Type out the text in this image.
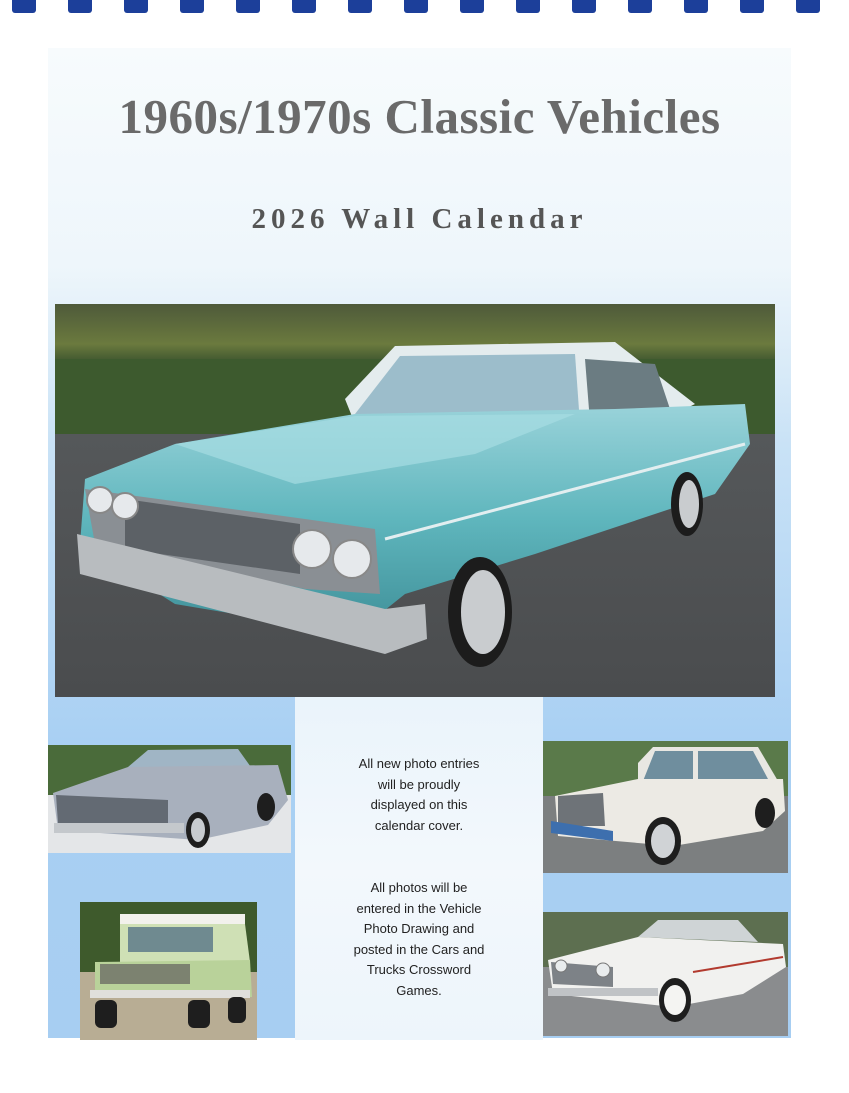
1960s/1970s Classic Vehicles
2026 Wall Calendar

All new photo entries will be proudly displayed on this calendar cover.

All photos will be entered in the Vehicle Photo Drawing and posted in the Cars and Trucks Crossword Games.
